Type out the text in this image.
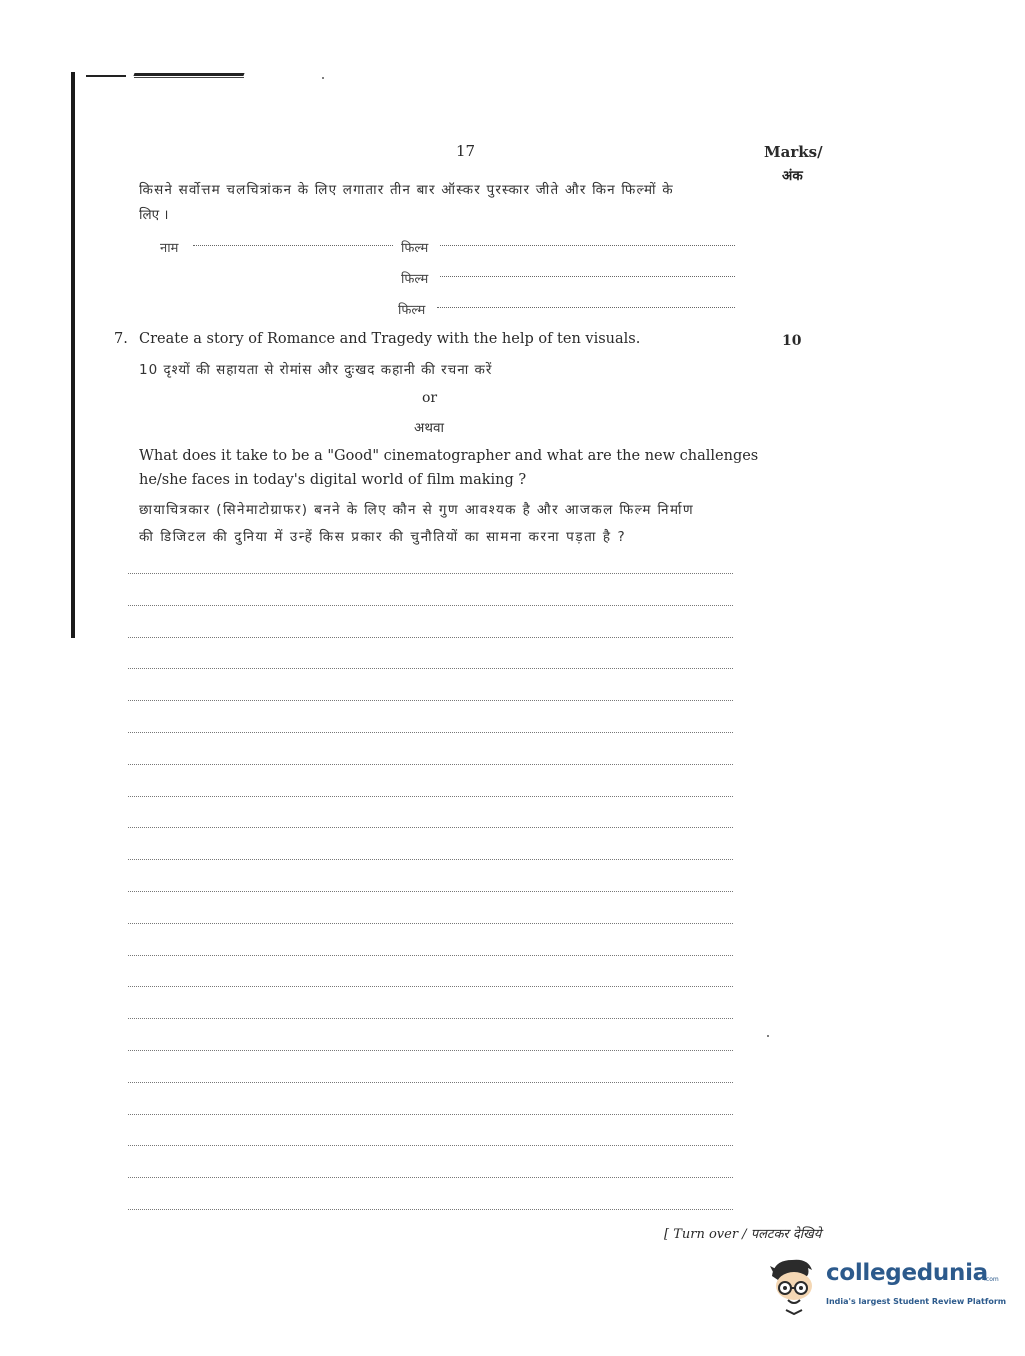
17	Marks/
अंक
किसने सर्वोत्तम चलचित्रांकन के लिए लगातार तीन बार ऑस्कर पुरस्कार जीते और किन फिल्मों के
लिए ।
नाम	फिल्म
फिल्म
फिल्म
7. Create a story of Romance and Tragedy with the help of ten visuals.	10
10 दृश्यों की सहायता से रोमांस और दुःखद कहानी की रचना करें
or
अथवा
What does it take to be a "Good" cinematographer and what are the new challenges
he/she faces in today's digital world of film making ?
छायाचित्रकार (सिनेमाटोग्राफर) बनने के लिए कौन से गुण आवश्यक है और आजकल फिल्म निर्माण
की डिजिटल की दुनिया में उन्हें किस प्रकार की चुनौतियों का सामना करना पड़ता है ?
[ Turn over / पलटकर देखिये
collegedunia
.com
India's largest Student Review Platform
